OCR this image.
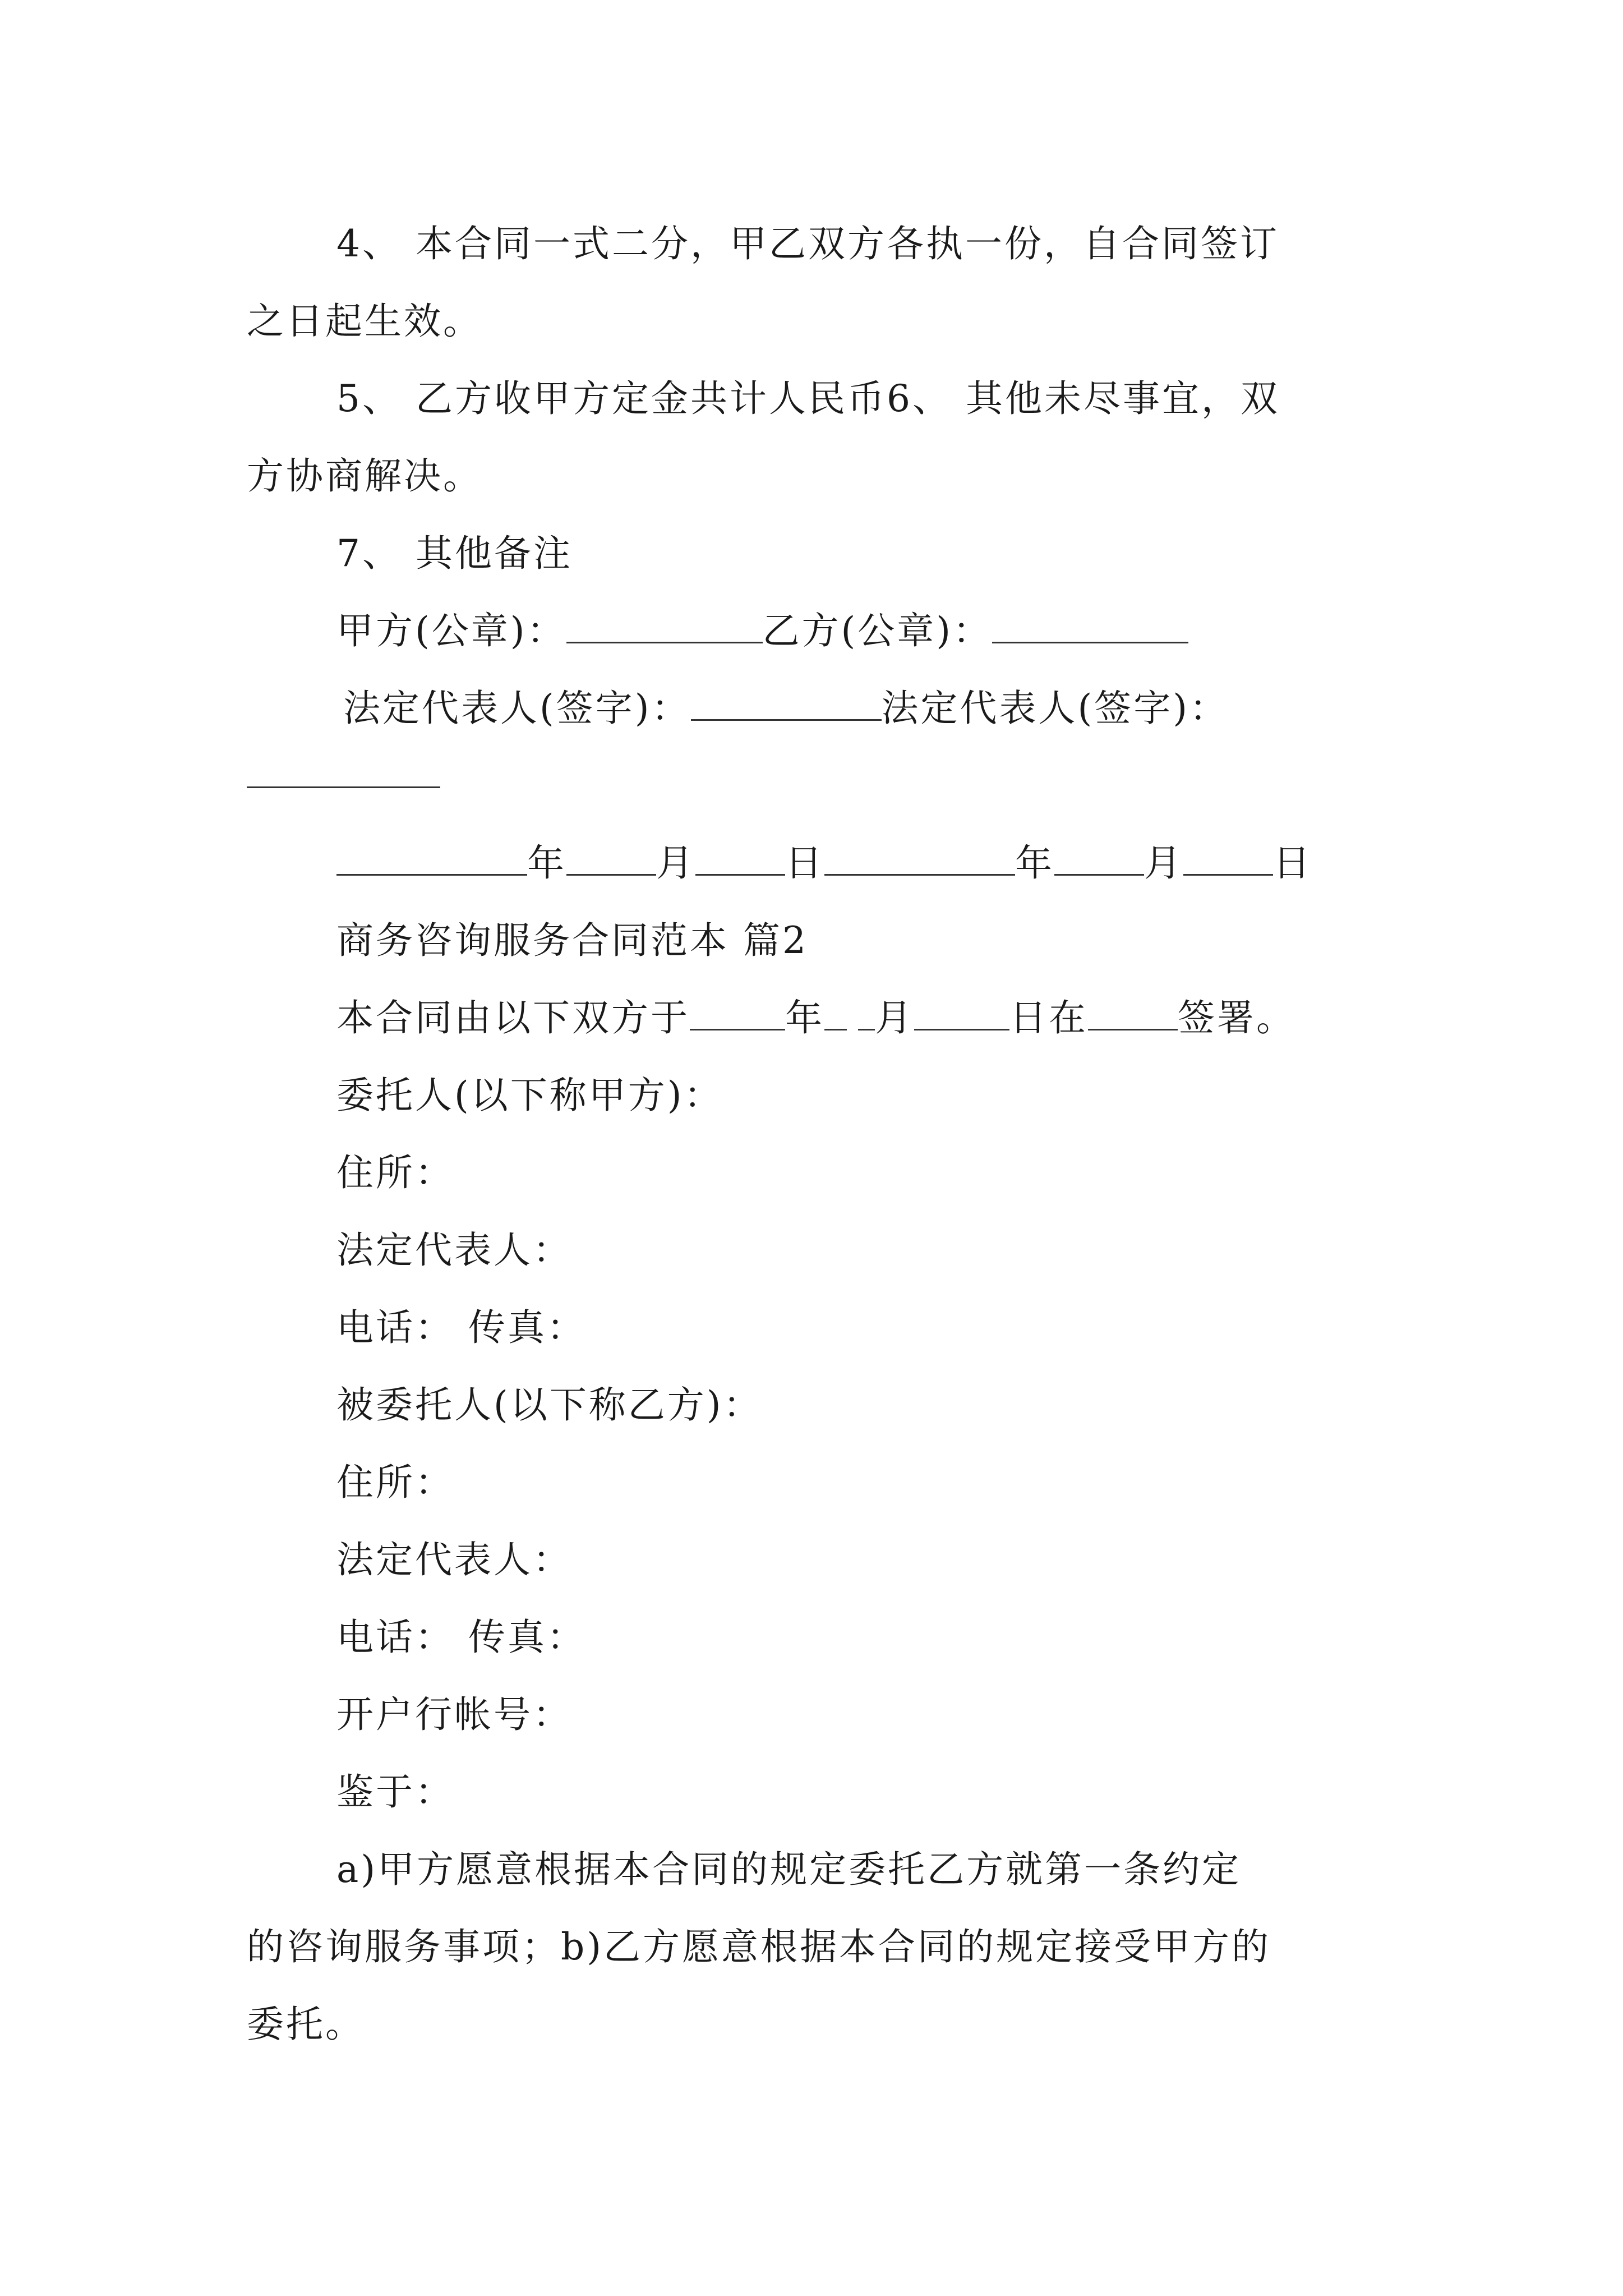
4、 本合同一式二分，甲乙双方各执一份，自合同签订
之日起生效。
5、 乙方收甲方定金共计人民币6、 其他未尽事宜，双
方协商解决。
7、 其他备注
甲方(公章)：	乙方(公章)：
法定代表人(签字)：	法定代表人(签字)：
年 月 日	年 月 日
商务咨询服务合同范本 篇2
本合同由以下双方于	年 月	日在 签署。
委托人(以下称甲方)：
住所：
法定代表人：
电话： 传真：
被委托人(以下称乙方)：
住所：
法定代表人：
电话： 传真：
开户行帐号：
鉴于：
a)甲方愿意根据本合同的规定委托乙方就第一条约定
的咨询服务事项；b)乙方愿意根据本合同的规定接受甲方的
委托。
